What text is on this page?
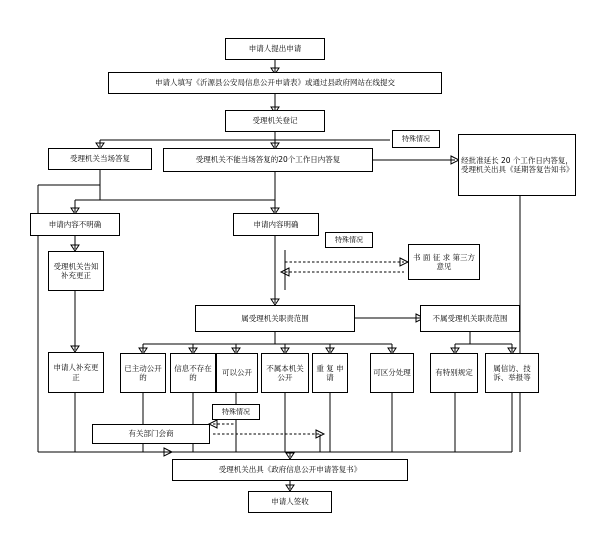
申请人提出申请
申请人填写《沂源县公安局信息公开申请表》或通过县政府网站在线提交
受理机关登记
受理机关当场答复	受理机关不能当场答复的20个工作日内答复	经批准延长 20 个工作日内答复，受理机关出具《延期答复告知书》
申请内容不明确	申请内容明确
书 面 征 求 第三方意见
受理机关告知补充更正
申请人补充更正
属受理机关职责范围	不属受理机关职责范围
已主动公开的
信息不存在的
可以公开
不属本机关公开
重 复 申 请
可区分处理	有特别规定
属信访、技诉、举报等
有关部门会商
受理机关出具《政府信息公开申请答复书》
申请人签收
特殊情况
特殊情况
特殊情况
